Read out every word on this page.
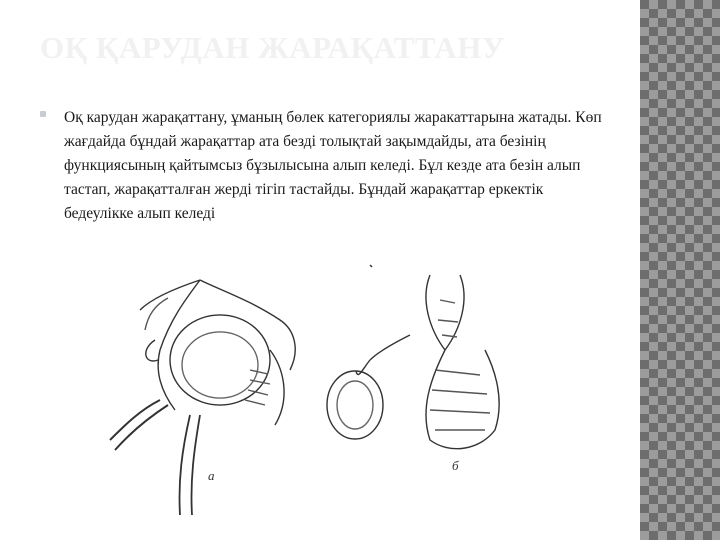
ОҚ ҚАРУДАН ЖАРАҚАТТАНУ
Оқ карудан жарақаттану, ұманың бөлек категориялы жаракаттарына жатады. Көп жағдайда бұндай жарақаттар ата безді толықтай зақымдайды, ата безінің функциясының қайтымсыз бұзылысына алып келеді. Бұл кезде ата безін алып тастап, жарақатталған жерді тігіп тастайды. Бұндай жарақаттар еркектік бедеулікке алып келеді
а
б
